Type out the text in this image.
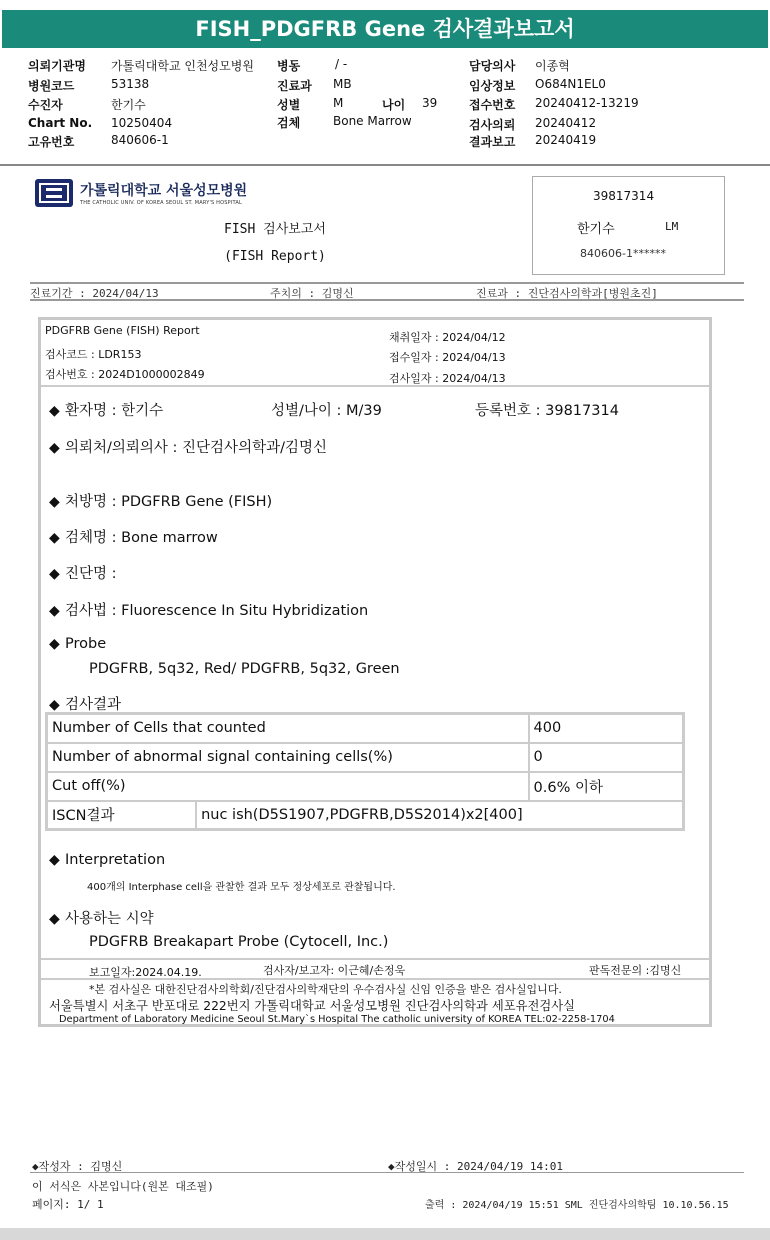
FISH_PDGFRB Gene 검사결과보고서
의뢰기관명 가톨릭대학교 인천성모병원
병원코드	53138
수진자	한기수
Chart No. 10250404
고유번호	840606-1
병동	/ -
진료과 MB
성별	M	나이 39
검체	Bone Marrow
담당의사 이종혁
임상정보 O684N1EL0
접수번호 20240412-13219
검사의뢰 20240412
결과보고 20240419
가톨릭대학교 서울성모병원
THE CATHOLIC UNIV. OF KOREA SEOUL ST. MARY'S HOSPITAL
FISH 검사보고서
(FISH Report)
39817314
한기수	LM
840606-1******
진료기간 : 2024/04/13	주치의 : 김명신	진료과 : 진단검사의학과[병원초진]
PDGFRB Gene (FISH) Report
검사코드 : LDR153
검사번호 : 2024D1000002849
채취일자 : 2024/04/12
접수일자 : 2024/04/13
검사일자 : 2024/04/13
◆ 환자명 : 한기수	성별/나이 : M/39	등록번호 : 39817314
◆ 의뢰처/의뢰의사 : 진단검사의학과/김명신
◆ 처방명 : PDGFRB Gene (FISH)
◆ 검체명 : Bone marrow
◆ 진단명 :
◆ 검사법 : Fluorescence In Situ Hybridization
◆ Probe
PDGFRB, 5q32, Red/ PDGFRB, 5q32, Green
◆ 검사결과
Number of Cells that counted		400
Number of abnormal signal containing cells(%)		0
Cut off(%)		0.6% 이하
ISCN결과	nuc ish(D5S1907,PDGFRB,D5S2014)x2[400]	
◆ Interpretation
400개의 Interphase cell을 관찰한 결과 모두 정상세포로 관찰됩니다.
◆ 사용하는 시약
PDGFRB Breakapart Probe (Cytocell, Inc.)
보고일자:2024.04.19.	검사자/보고자: 이근혜/손정욱	판독전문의 :김명신
*본 검사실은 대한진단검사의학회/진단검사의학재단의 우수검사실 신임 인증을 받은 검사실입니다.
서울특별시 서초구 반포대로 222번지 가톨릭대학교 서울성모병원 진단검사의학과 세포유전검사실
Department of Laboratory Medicine Seoul St.Mary`s Hospital The catholic university of KOREA TEL:02-2258-1704
◆작성자 : 김명신	◆작성일시 : 2024/04/19 14:01
이 서식은 사본입니다(원본 대조필)
페이지: 1/ 1	출력 : 2024/04/19 15:51 SML 진단검사의학팀 10.10.56.15
